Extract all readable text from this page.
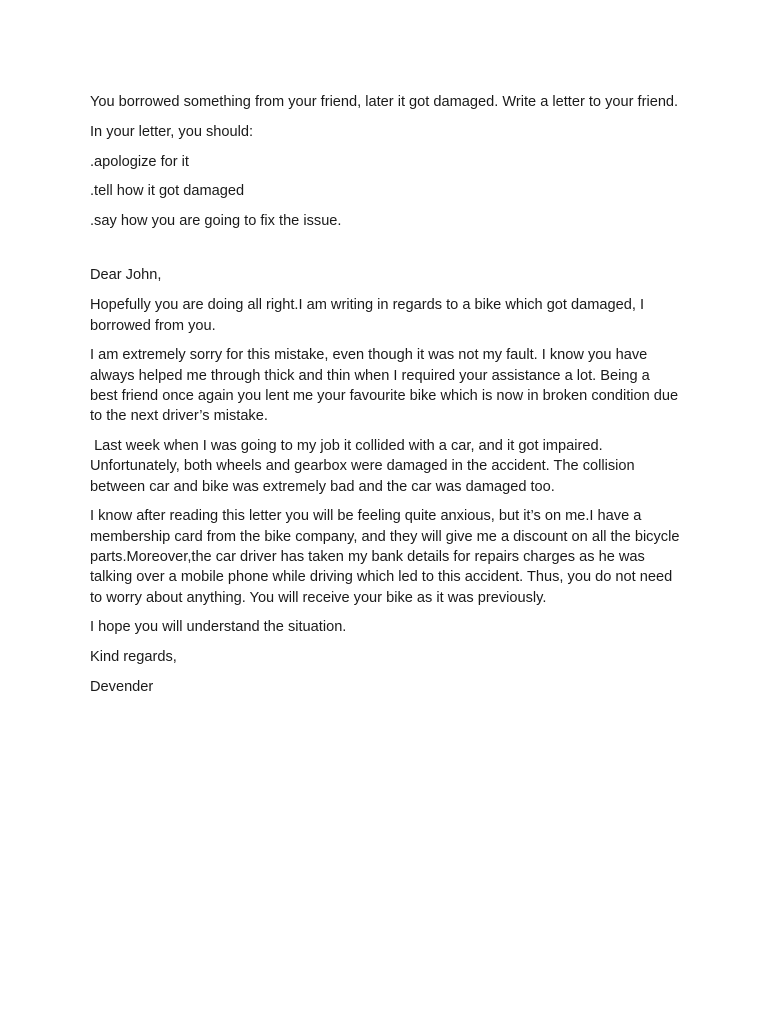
You borrowed something from your friend, later it got damaged. Write a letter to your friend.

In your letter, you should:

.apologize for it

.tell how it got damaged

.say how you are going to fix the issue.

Dear John,

Hopefully you are doing all right.I am writing in regards to a bike which got damaged, I borrowed from you.

I am extremely sorry for this mistake, even though it was not my fault. I know you have always helped me through thick and thin when I required your assistance a lot. Being a best friend once again you lent me your favourite bike which is now in broken condition due to the next driver’s mistake.

Last week when I was going to my job it collided with a car, and it got impaired. Unfortunately, both wheels and gearbox were damaged in the accident. The collision between car and bike was extremely bad and the car was damaged too.

I know after reading this letter you will be feeling quite anxious, but it’s on me.I have a membership card from the bike company, and they will give me a discount on all the bicycle parts.Moreover,the car driver has taken my bank details for repairs charges as he was talking over a mobile phone while driving which led to this accident. Thus, you do not need to worry about anything. You will receive your bike as it was previously.

I hope you will understand the situation.

Kind regards,

Devender
